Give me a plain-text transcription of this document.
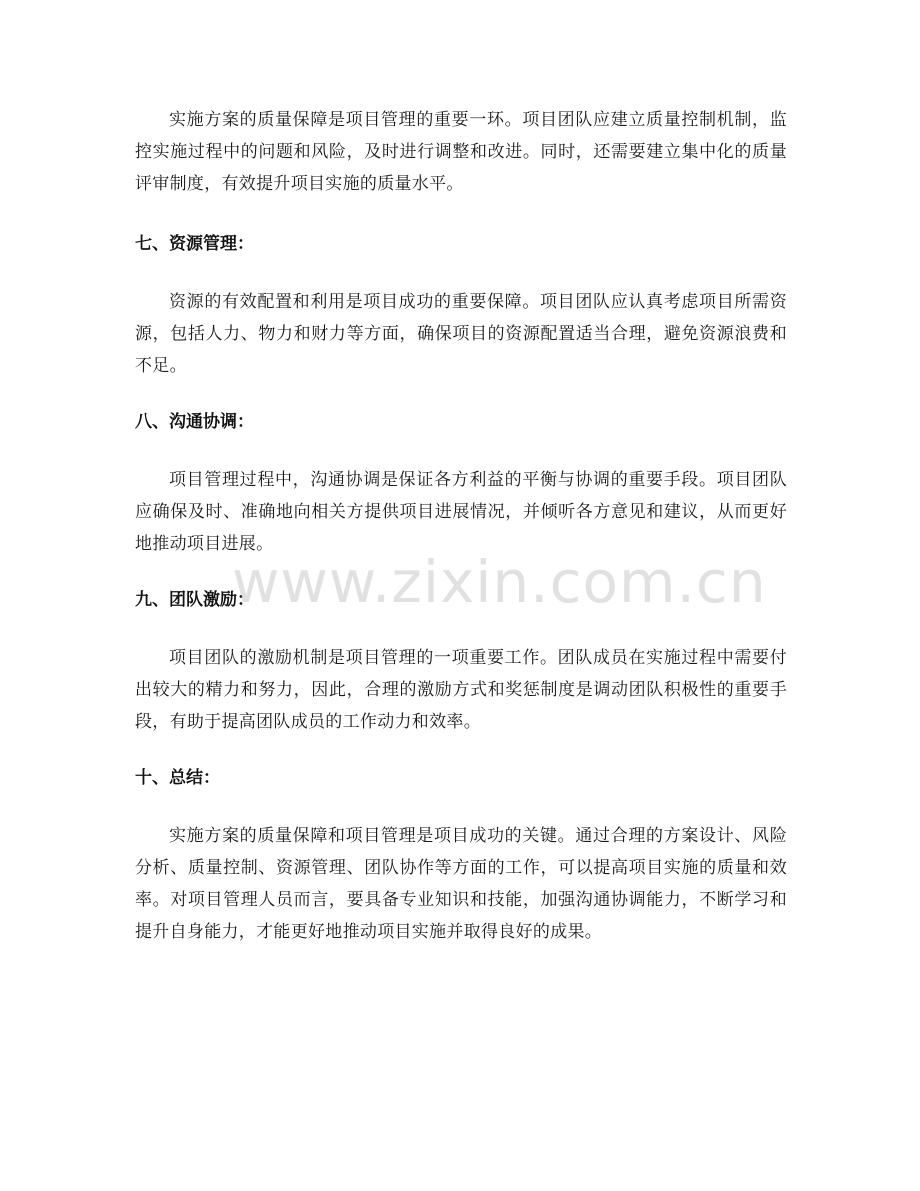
实施方案的质量保障是项目管理的重要一环。项目团队应建立质量控制机制，监控实施过程中的问题和风险，及时进行调整和改进。同时，还需要建立集中化的质量评审制度，有效提升项目实施的质量水平。

七、资源管理：

资源的有效配置和利用是项目成功的重要保障。项目团队应认真考虑项目所需资源，包括人力、物力和财力等方面，确保项目的资源配置适当合理，避免资源浪费和不足。

八、沟通协调：

项目管理过程中，沟通协调是保证各方利益的平衡与协调的重要手段。项目团队应确保及时、准确地向相关方提供项目进展情况，并倾听各方意见和建议，从而更好地推动项目进展。

九、团队激励：

项目团队的激励机制是项目管理的一项重要工作。团队成员在实施过程中需要付出较大的精力和努力，因此，合理的激励方式和奖惩制度是调动团队积极性的重要手段，有助于提高团队成员的工作动力和效率。

十、总结：

实施方案的质量保障和项目管理是项目成功的关键。通过合理的方案设计、风险分析、质量控制、资源管理、团队协作等方面的工作，可以提高项目实施的质量和效率。对项目管理人员而言，要具备专业知识和技能，加强沟通协调能力，不断学习和提升自身能力，才能更好地推动项目实施并取得良好的成果。

www.zixin.com.cn
